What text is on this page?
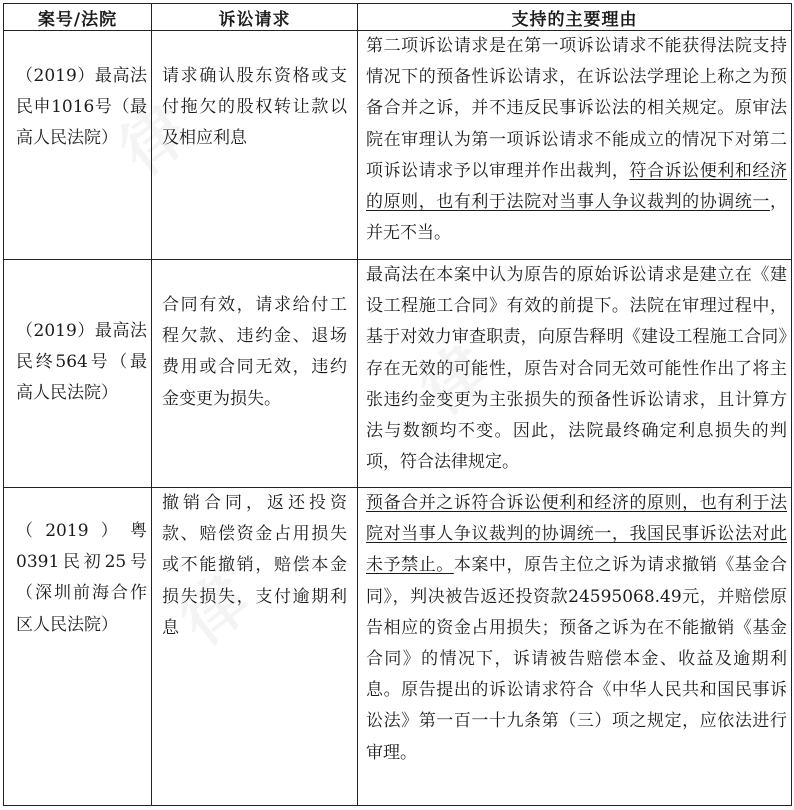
案号/法院	诉讼请求	支持的主要理由
（2019）最高法民申1016号（最高人民法院）	请求确认股东资格或支付拖欠的股权转让款以及相应利息	第二项诉讼请求是在第一项诉讼请求不能获得法院支持情况下的预备性诉讼请求，在诉讼法学理论上称之为预备合并之诉，并不违反民事诉讼法的相关规定。原审法院在审理认为第一项诉讼请求不能成立的情况下对第二项诉讼请求予以审理并作出裁判，符合诉讼便利和经济的原则，也有利于法院对当事人争议裁判的协调统一，并无不当。
（2019）最高法民终564号（最高人民法院）	合同有效，请求给付工程欠款、违约金、退场费用或合同无效，违约金变更为损失。	最高法在本案中认为原告的原始诉讼请求是建立在《建设工程施工合同》有效的前提下。法院在审理过程中，基于对效力审查职责，向原告释明《建设工程施工合同》存在无效的可能性，原告对合同无效可能性作出了将主张违约金变更为主张损失的预备性诉讼请求，且计算方法与数额均不变。因此，法院最终确定利息损失的判项，符合法律规定。
（2019）粤0391民初25号（深圳前海合作区人民法院）	撤销合同，返还投资款、赔偿资金占用损失或不能撤销，赔偿本金损失损失，支付逾期利息	预备合并之诉符合诉讼便利和经济的原则，也有利于法院对当事人争议裁判的协调统一，我国民事诉讼法对此未予禁止。本案中，原告主位之诉为请求撤销《基金合同》，判决被告返还投资款24595068.49元，并赔偿原告相应的资金占用损失；预备之诉为在不能撤销《基金合同》的情况下，诉请被告赔偿本金、收益及逾期利息。原告提出的诉讼请求符合《中华人民共和国民事诉讼法》第一百一十九条第（三）项之规定，应依法进行审理。
